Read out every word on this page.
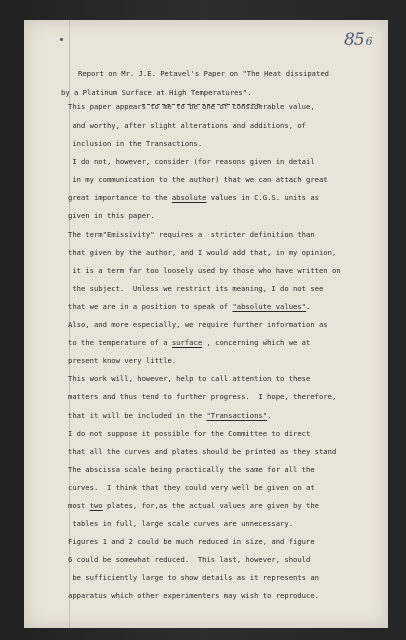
85 6
Report on Mr. J.E. Petavel's Paper on "The Heat dissipated
by a Platinum Surface at High Temperatures".
This paper appears to me to be one of considerable value,
and worthy, after slight alterations and additions, of
inclusion in the Transactions.
I do not, however, consider (for reasons given in detail
in my communication to the author) that we can attach great
great importance to the absolute values in C.G.S. units as
given in this paper.
The term"Emissivity" requires a  stricter definition than
that given by the author, and I would add that, in my opinion,
it is a term far too loosely used by those who have written on
the subject.  Unless we restrict its meaning, I do not see
that we are in a position to speak of "absolute values".
Also, and more especially, we require further information as
to the temperature of a surface , concerning which we at
present know very little.
This work will, however, help to call attention to these
matters and thus tend to further progress.  I hope, therefore,
that it will be included in the "Transactions".
I do not suppose it possible for the Committee to direct
that all the curves and plates should be printed as they stand
The abscissa scale being practically the same for all the
curves.  I think that they could very well be given on at
most two plates, for,as the actual values are given by the
tables in full, large scale curves are unnecessary.
Figures 1 and 2 could be much reduced in size, and figure
6 could be somewhat reduced.  This last, however, should
be sufficiently large to show details as it represents an
apparatus which other experimenters may wish to reproduce.
